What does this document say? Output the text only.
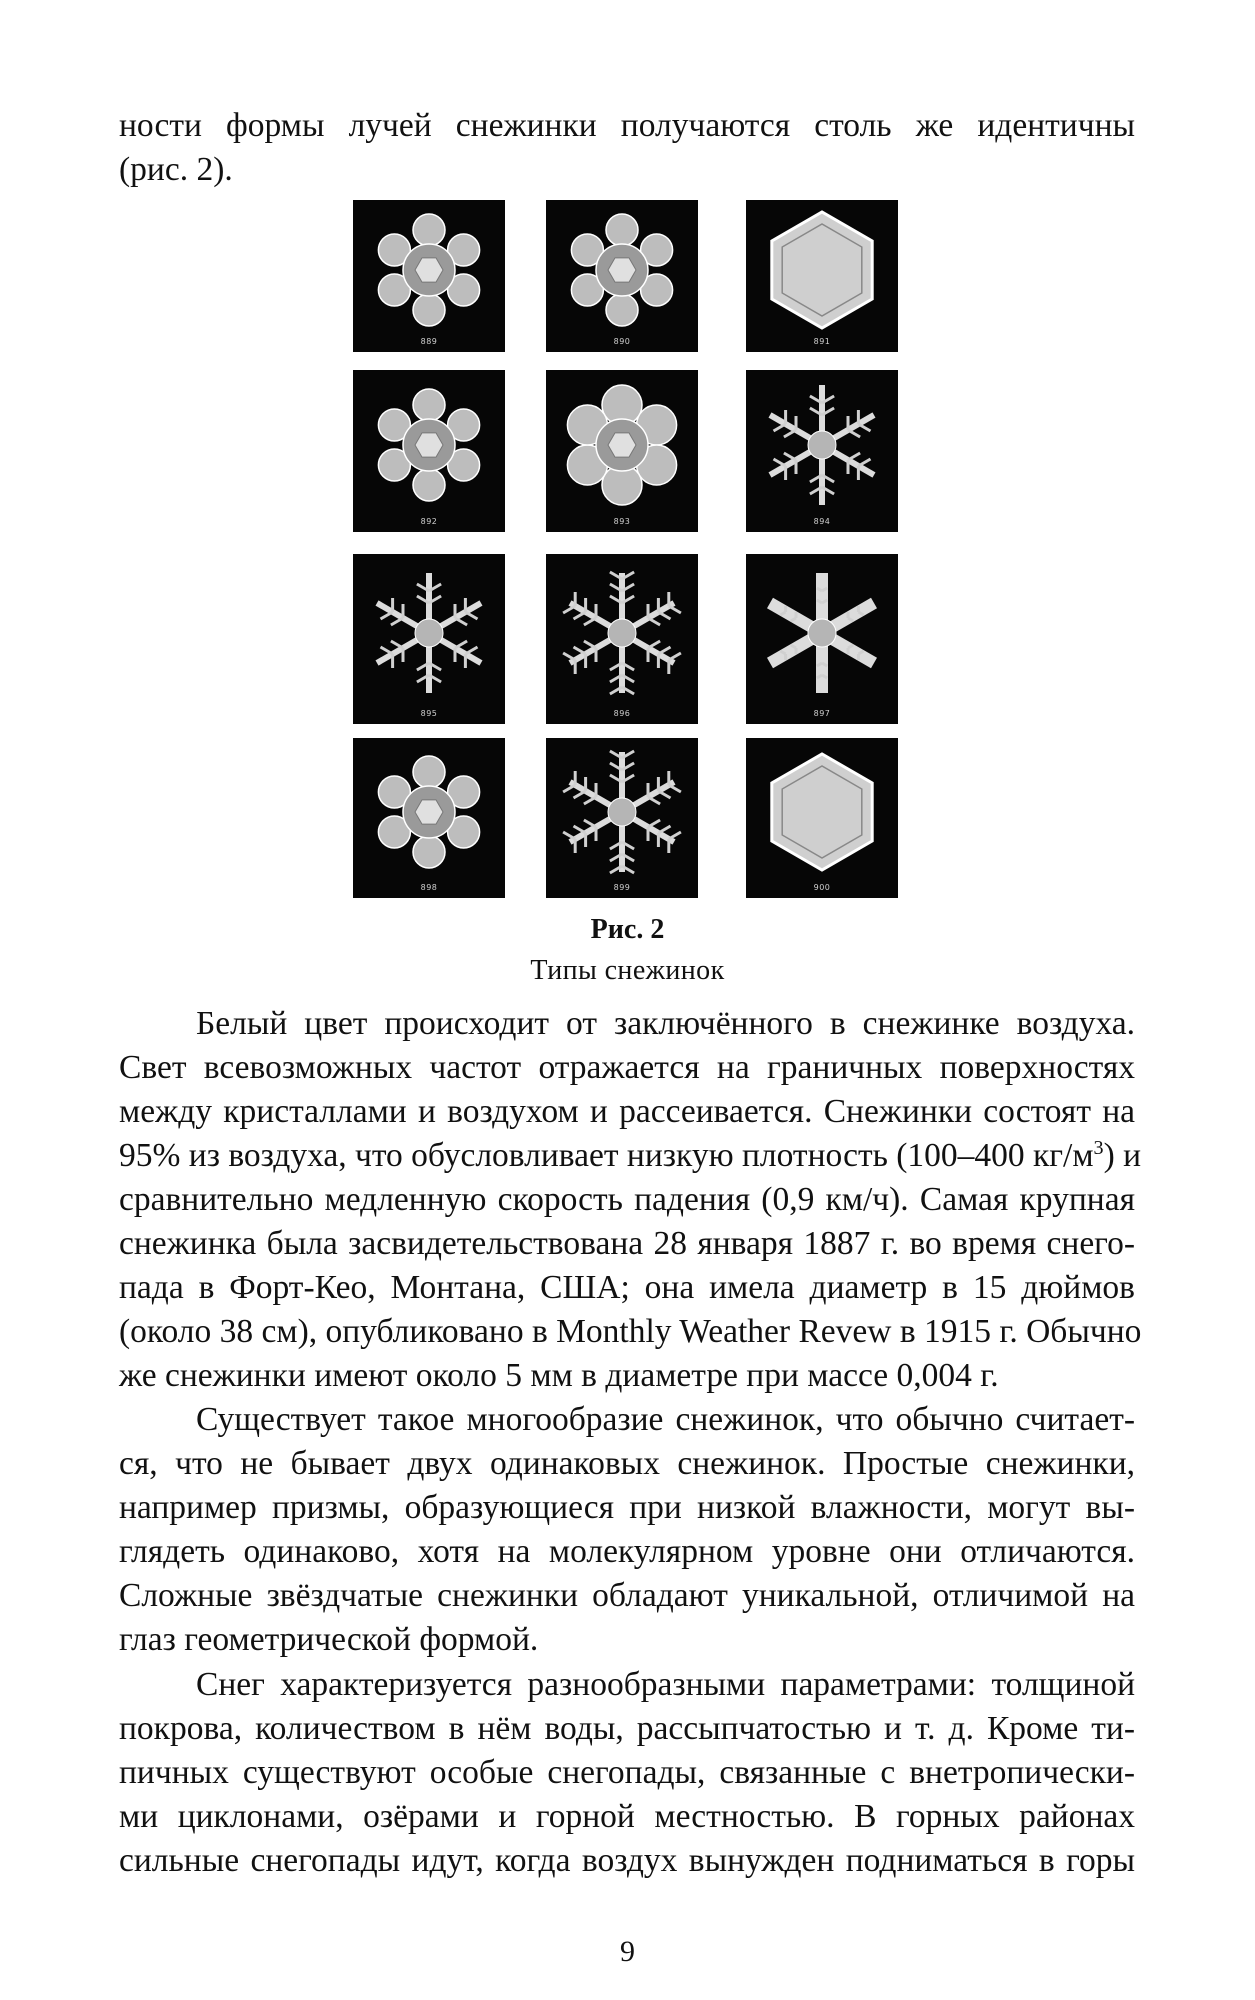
ности формы лучей снежинки получаются столь же идентичны
(рис. 2).
889	890	891
892	893	894
895	896	897
898	899	900
Рис. 2
Типы снежинок
Белый цвет происходит от заключённого в снежинке воздуха.
Свет всевозможных частот отражается на граничных поверхностях
между кристаллами и воздухом и рассеивается. Снежинки состоят на
95% из воздуха, что обусловливает низкую плотность (100–400 $кг/м^3$) и
сравнительно медленную скорость падения (0,9 км/ч). Самая крупная
снежинка была засвидетельствована 28 января 1887 г. во время снего-
пада в Форт-Кео, Монтана, США; она имела диаметр в 15 дюймов
(около 38 см), опубликовано в Monthly Weather Revew в 1915 г. Обычно
же снежинки имеют около 5 мм в диаметре при массе 0,004 г.
Существует такое многообразие снежинок, что обычно считает-
ся, что не бывает двух одинаковых снежинок. Простые снежинки,
например призмы, образующиеся при низкой влажности, могут вы-
глядеть одинаково, хотя на молекулярном уровне они отличаются.
Сложные звёздчатые снежинки обладают уникальной, отличимой на
глаз геометрической формой.
Снег характеризуется разнообразными параметрами: толщиной
покрова, количеством в нём воды, рассыпчатостью и т. д. Кроме ти-
пичных существуют особые снегопады, связанные с внетропически-
ми циклонами, озёрами и горной местностью. В горных районах
сильные снегопады идут, когда воздух вынужден подниматься в горы
9
